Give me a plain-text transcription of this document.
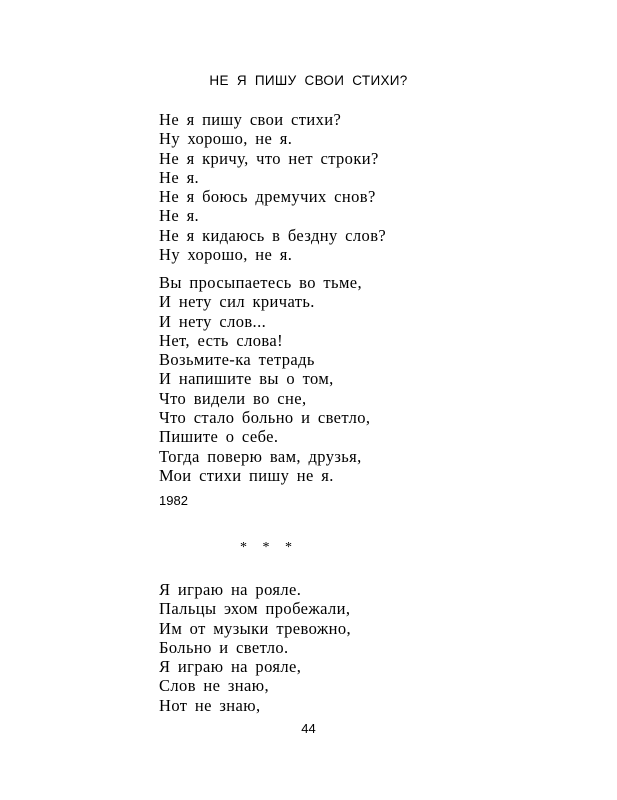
НЕ Я ПИШУ СВОИ СТИХИ?
Не я пишу свои стихи?
Ну хорошо, не я.
Не я кричу, что нет строки?
Не я.
Не я боюсь дремучих снов?
Не я.
Не я кидаюсь в бездну слов?
Ну хорошо, не я.
Вы просыпаетесь во тьме,
И нету сил кричать.
И нету слов...
Нет, есть слова!
Возьмите-ка тетрадь
И напишите вы о том,
Что видели во сне,
Что стало больно и светло,
Пишите о себе.
Тогда поверю вам, друзья,
Мои стихи пишу не я.
1982
* * *
Я играю на рояле.
Пальцы эхом пробежали,
Им от музыки тревожно,
Больно и светло.
Я играю на рояле,
Слов не знаю,
Нот не знаю,
44
